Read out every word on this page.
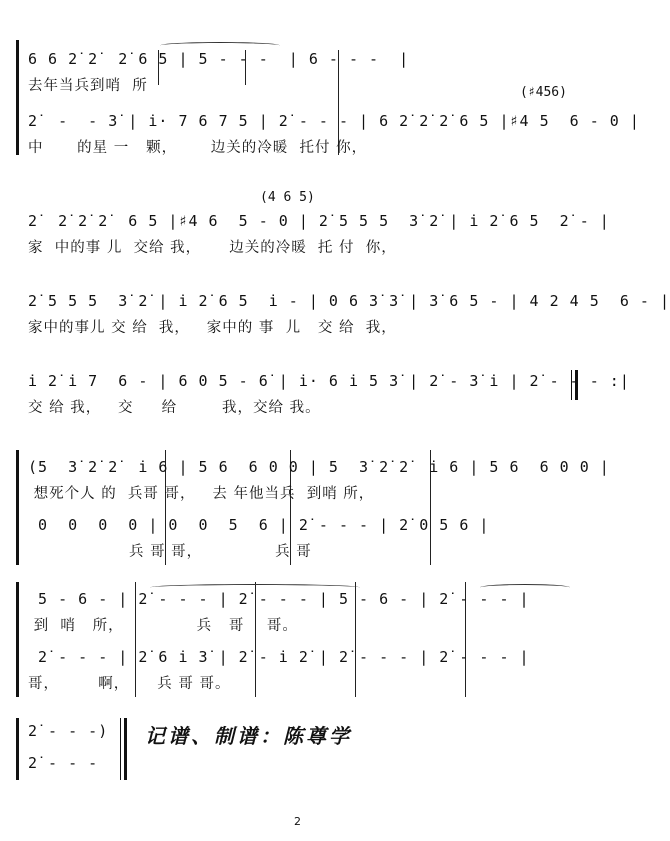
6 6 2̇ 2̇  2̇ 6 5 | 5 - - -  | 6 - - -  |
去年当兵到哨  所	(♯456)
2̇  -  - 3̇ | i̇· 7 6 7 5 | 2̇ - - - | 6 2̇ 2̇ 2̇ 6 5 |♯4 5  6 - 0 |
中      的星 一   颗，      边关的冷暖  托付 你，
(4 6 5)
2̇  2̇ 2̇ 2̇  6 5 |♯4 6  5 - 0 | 2̇ 5 5 5  3̇ 2̇ | i̇ 2̇ 6 5  2̇ - |
家  中的事 儿  交给 我，     边关的冷暖  托 付  你，
2̇ 5 5 5  3̇ 2̇ | i̇ 2̇ 6 5  i̇ - | 0 6 3̇ 3̇ | 3̇ 6 5 - | 4 2 4 5  6 - |
家中的事儿 交 给  我，   家中的 事  儿   交 给  我，
i̇ 2̇ i̇ 7  6 - | 6 0 5 - 6̇ | i̇· 6 i̇ 5 3̇ | 2̇ - 3̇ i̇ | 2̇ - - - :|
交 给 我，   交     给        我，交给 我。
(5  3̇ 2̇ 2̇  i̇ 6 | 5 6  6 0 0 | 5  3̇ 2̇ 2̇  i̇ 6 | 5 6  6 0 0 |
想死个人 的  兵哥 哥，   去 年他当兵  到哨 所，
0  0  0  0 | 0  0  5  6 | 2̇ - - - | 2̇ 0 5 6 |
兵 哥 哥，             兵 哥
5 - 6 - | 2̇ - - - | 2̇ - - - | 5 - 6 - | 2̇ - - - |
到  哨   所，             兵   哥    哥。
2̇ - - - | 2̇ 6 i̇ 3̇ | 2̇ - i̇ 2̇ | 2̇ - - - | 2̇ - - - |
哥，       啊，     兵 哥 哥。
2̇ - - -)
2̇ - - -
记谱、制谱：陈尊学
2
